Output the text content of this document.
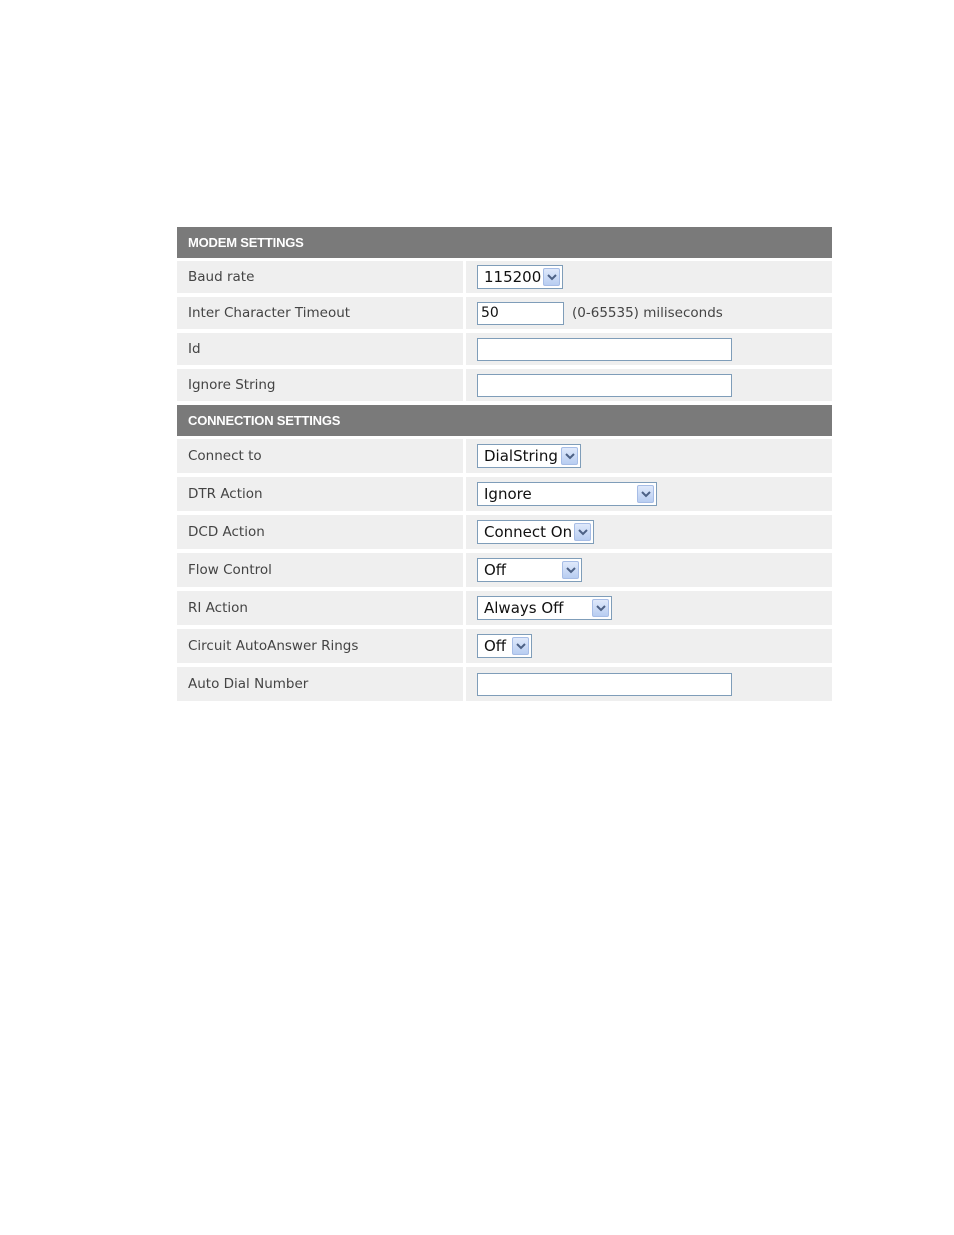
MODEM SETTINGS
Baud rate	115200
Inter Character Timeout	50	(0-65535) miliseconds
Id
Ignore String
CONNECTION SETTINGS
Connect to	DialString
DTR Action	Ignore
DCD Action	Connect On
Flow Control	Off
RI Action	Always Off
Circuit AutoAnswer Rings	Off
Auto Dial Number
